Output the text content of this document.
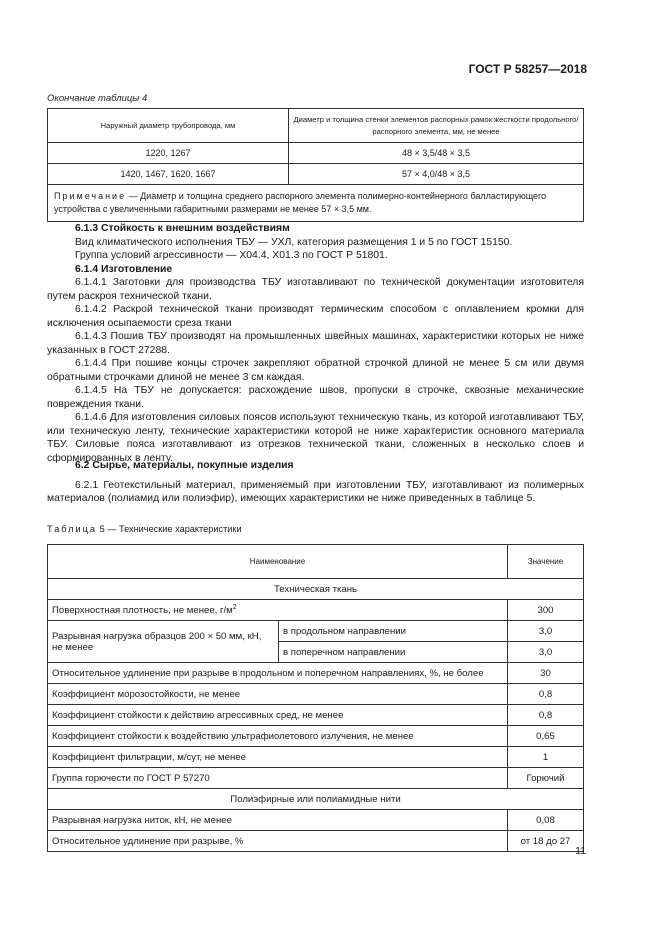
ГОСТ Р 58257—2018
Окончание таблицы 4
Наружный диаметр трубопровода, мм	Диаметр и толщина стенки элементов распорных рамок жесткости продольного/распорного элемента, мм, не менее
1220, 1267	48 × 3,5/48 × 3,5
1420, 1467, 1620, 1667	57 × 4,0/48 × 3,5
Примечание — Диаметр и толщина среднего распорного элемента полимерно-контейнерного балластирующего устройства с увеличенными габаритными размерами не менее 57 × 3,5 мм.	

6.1.3 Стойкость к внешним воздействиям

Вид климатического исполнения ТБУ — УХЛ, категория размещения 1 и 5 по ГОСТ 15150.

Группа условий агрессивности — Х04.4, Х01.3 по ГОСТ Р 51801.

6.1.4 Изготовление

6.1.4.1 Заготовки для производства ТБУ изготавливают по технической документации изготовителя путем раскроя технической ткани.

6.1.4.2 Раскрой технической ткани производят термическим способом с оплавлением кромки для исключения осыпаемости среза ткани

6.1.4.3 Пошив ТБУ производят на промышленных швейных машинах, характеристики которых не ниже указанных в ГОСТ 27288.

6.1.4.4 При пошиве концы строчек закрепляют обратной строчкой длиной не менее 5 см или двумя обратными строчками длиной не менее 3 см каждая.

6.1.4.5 На ТБУ не допускается: расхождение швов, пропуски в строчке, сквозные механические повреждения ткани.

6.1.4.6 Для изготовления силовых поясов используют техническую ткань, из которой изготавливают ТБУ, или техническую ленту, технические характеристики которой не ниже характеристик основного материала ТБУ. Силовые пояса изготавливают из отрезков технической ткани, сложенных в несколько слоев и сформированных в ленту.

6.2 Сырье, материалы, покупные изделия

6.2.1 Геотекстильный материал, применяемый при изготовлении ТБУ, изготавливают из полимерных материалов (полиамид или полиэфир), имеющих характеристики не ниже приведенных в таблице 5.

Таблица 5 — Технические характеристики
Наименование		Значение
Техническая ткань		
Поверхностная плотность, не менее, $г/м^2$		300
Разрывная нагрузка образцов 200 × 50 мм, кН, не менее	в продольном направлении	3,0
	в поперечном направлении	3,0
Относительное удлинение при разрыве в продольном и поперечном направлениях, %, не более		30
Коэффициент морозостойкости, не менее		0,8
Коэффициент стойкости к действию агрессивных сред, не менее		0,8
Коэффициент стойкости к воздействию ультрафиолетового излучения, не менее		0,65
Коэффициент фильтрации, м/сут, не менее		1
Группа горючести по ГОСТ Р 57270		Горючий
Полиэфирные или полиамидные нити		
Разрывная нагрузка ниток, кН, не менее		0,08
Относительное удлинение при разрыве, %		от 18 до 27
11
